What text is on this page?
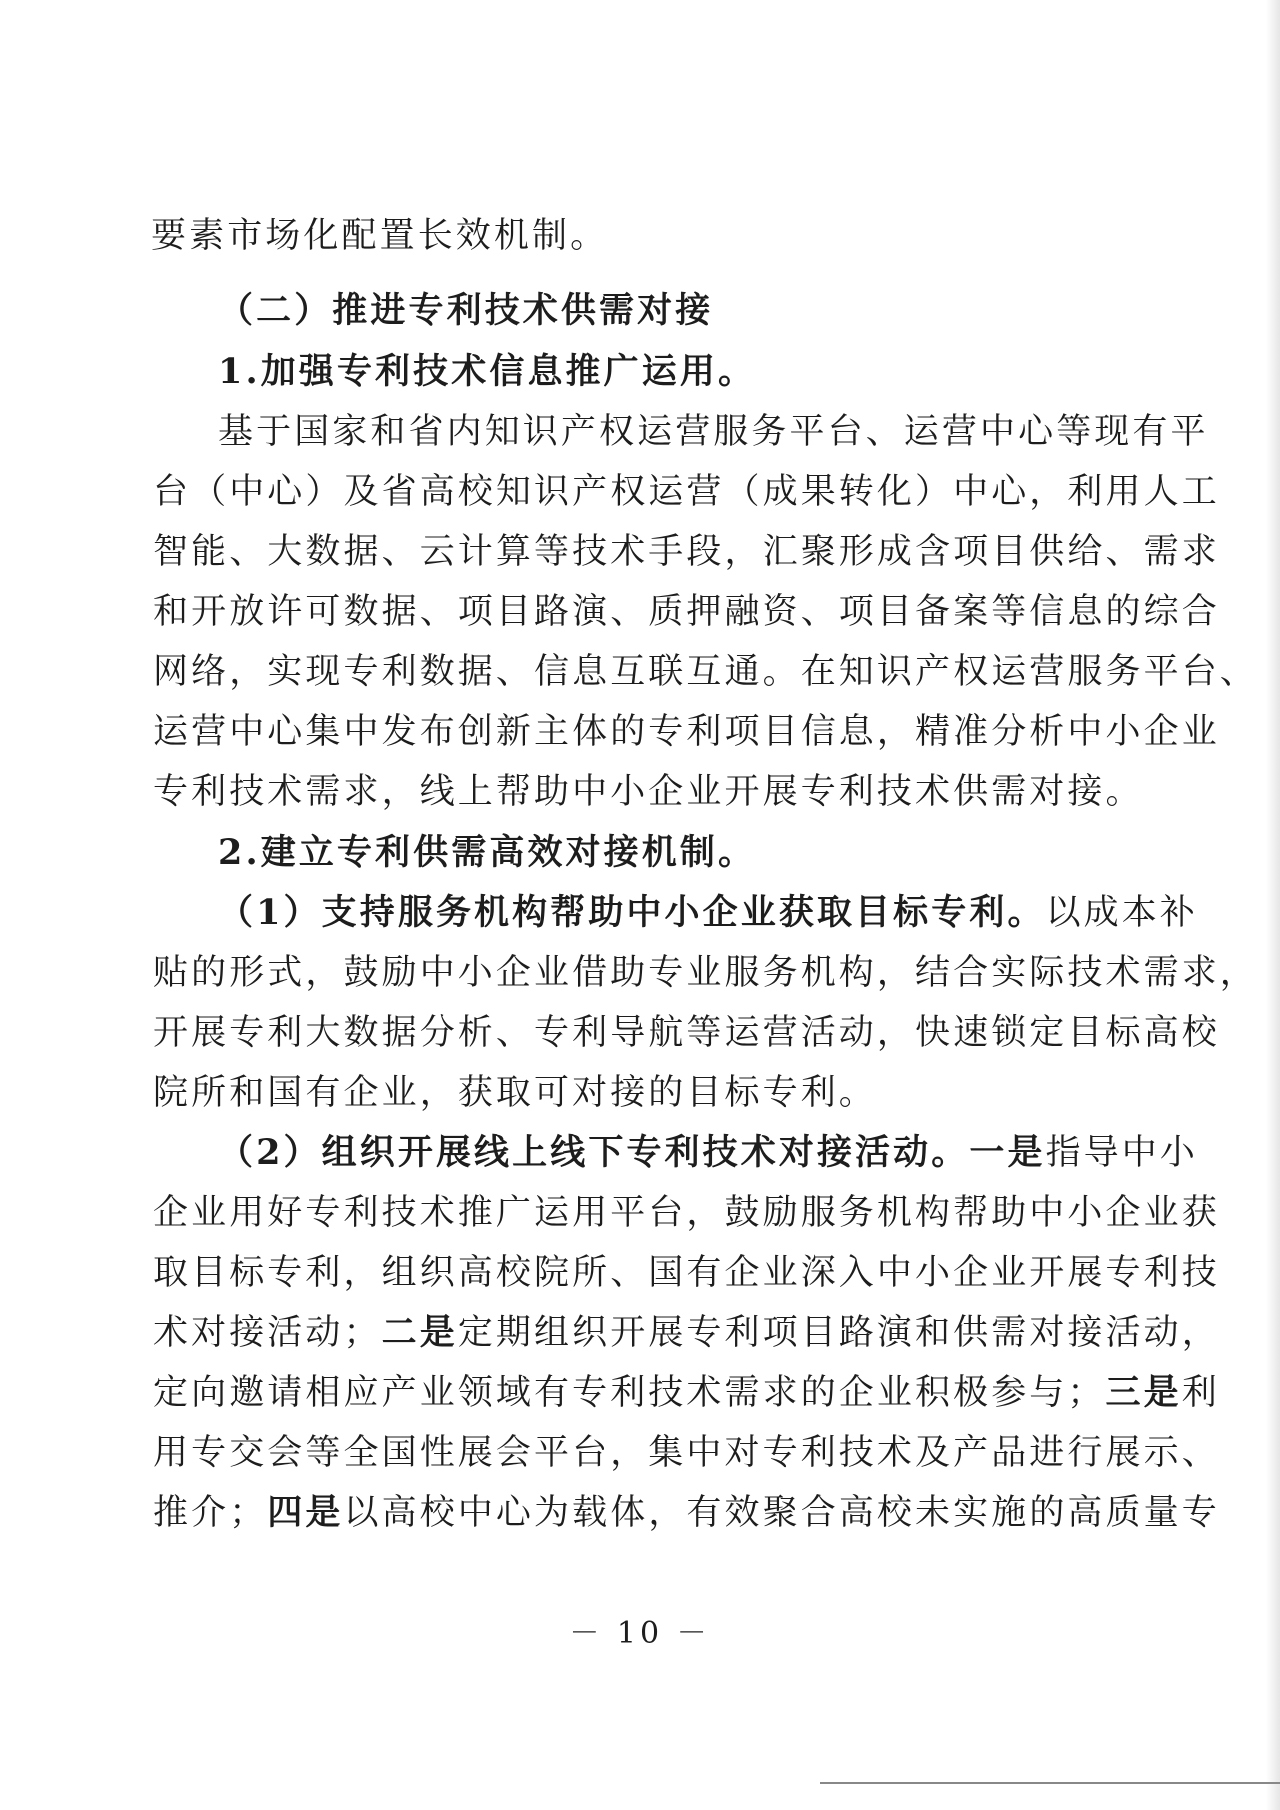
要素市场化配置长效机制。
（二）推进专利技术供需对接
1.加强专利技术信息推广运用。
基于国家和省内知识产权运营服务平台、运营中心等现有平
台（中心）及省高校知识产权运营（成果转化）中心，利用人工
智能、大数据、云计算等技术手段，汇聚形成含项目供给、需求
和开放许可数据、项目路演、质押融资、项目备案等信息的综合
网络，实现专利数据、信息互联互通。在知识产权运营服务平台、
运营中心集中发布创新主体的专利项目信息，精准分析中小企业
专利技术需求，线上帮助中小企业开展专利技术供需对接。
2.建立专利供需高效对接机制。
（1）支持服务机构帮助中小企业获取目标专利。以成本补
贴的形式，鼓励中小企业借助专业服务机构，结合实际技术需求，
开展专利大数据分析、专利导航等运营活动，快速锁定目标高校
院所和国有企业，获取可对接的目标专利。
（2）组织开展线上线下专利技术对接活动。一是指导中小
企业用好专利技术推广运用平台，鼓励服务机构帮助中小企业获
取目标专利，组织高校院所、国有企业深入中小企业开展专利技
术对接活动；二是定期组织开展专利项目路演和供需对接活动，
定向邀请相应产业领域有专利技术需求的企业积极参与；三是利
用专交会等全国性展会平台，集中对专利技术及产品进行展示、
推介；四是以高校中心为载体，有效聚合高校未实施的高质量专
－ 10 －
